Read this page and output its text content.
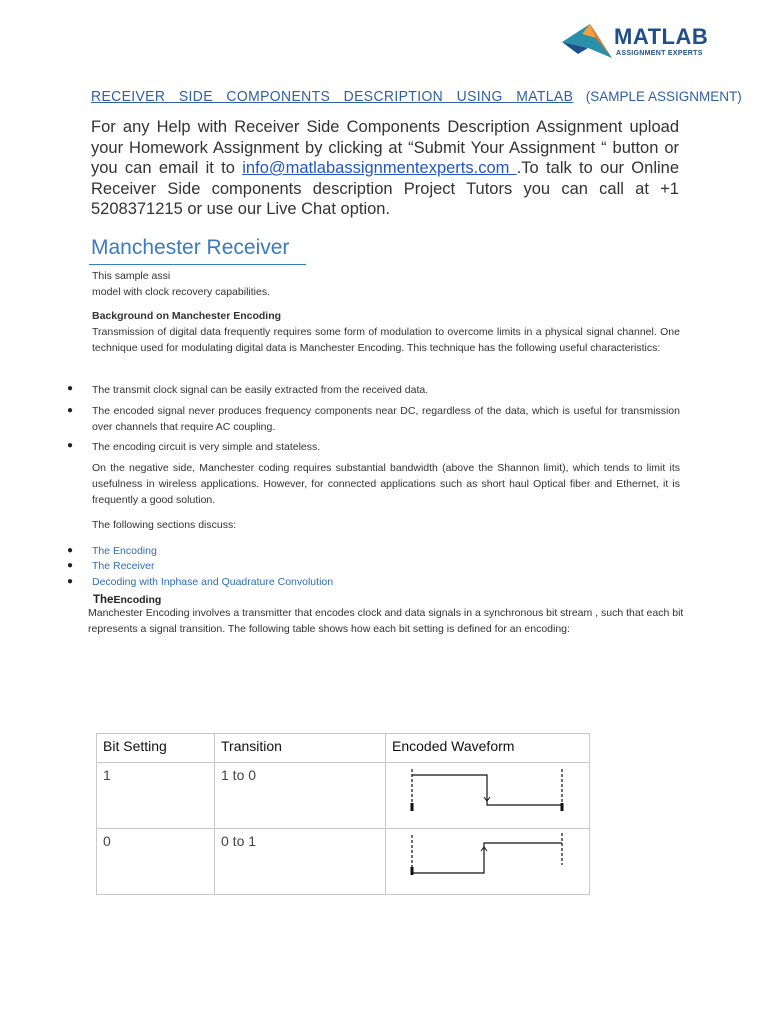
MATLAB
ASSIGNMENT EXPERTS
RECEIVER SIDE COMPONENTS DESCRIPTION USING MATLAB (SAMPLE ASSIGNMENT)
For any Help with Receiver Side Components Description Assignment upload your Homework Assignment by clicking at “Submit Your Assignment “ button or you can email it to info@matlabassignmentexperts.com .To talk to our Online Receiver Side components description Project Tutors you can call at +1 5208371215 or use our Live Chat option.
Manchester Receiver
This sample assi
model with clock recovery capabilities.
Background on Manchester Encoding
Transmission of digital data frequently requires some form of modulation to overcome limits in a physical signal channel. One technique used for modulating digital data is Manchester Encoding. This technique has the following useful characteristics:
● The transmit clock signal can be easily extracted from the received data.
● The encoded signal never produces frequency components near DC, regardless of the data, which is useful for transmission over channels that require AC coupling.
● The encoding circuit is very simple and stateless.
On the negative side, Manchester coding requires substantial bandwidth (above the Shannon limit), which tends to limit its usefulness in wireless applications. However, for connected applications such as short haul Optical fiber and Ethernet, it is frequently a good solution.
The following sections discuss:
● The Encoding
● The Receiver
● Decoding with Inphase and Quadrature Convolution
TheEncoding
Manchester Encoding involves a transmitter that encodes clock and data signals in a synchronous bit stream , such that each bit represents a signal transition. The following table shows how each bit setting is defined for an encoding:
Bit Setting	Transition	Encoded Waveform
1	1 to 0	
0	0 to 1	
